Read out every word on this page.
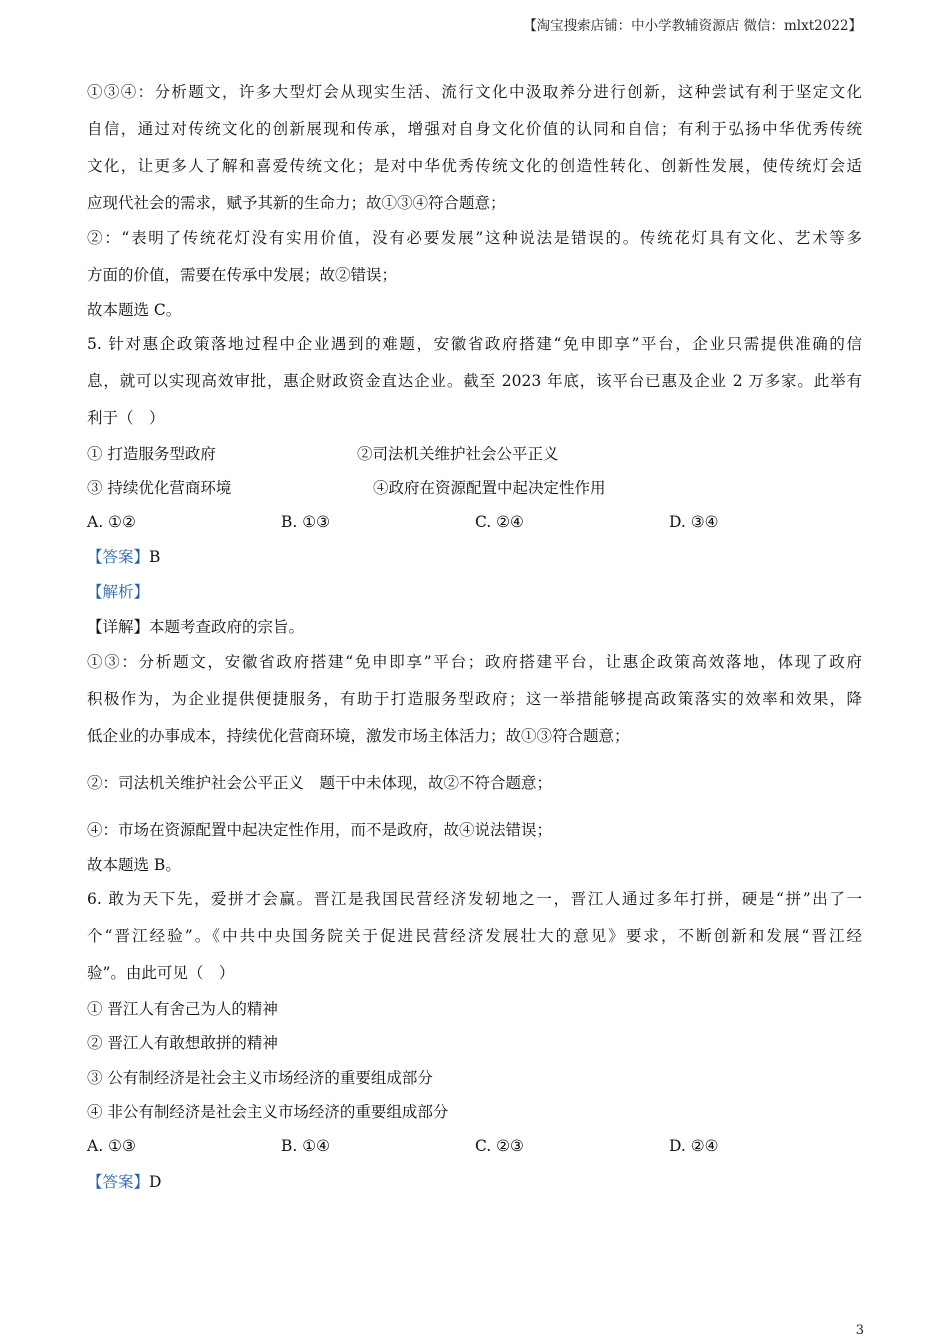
【淘宝搜索店铺：中小学教辅资源店 微信：mlxt2022】
①③④：分析题文，许多大型灯会从现实生活、流行文化中汲取养分进行创新，这种尝试有利于坚定文化
自信，通过对传统文化的创新展现和传承，增强对自身文化价值的认同和自信；有利于弘扬中华优秀传统
文化，让更多人了解和喜爱传统文化；是对中华优秀传统文化的创造性转化、创新性发展，使传统灯会适
应现代社会的需求，赋予其新的生命力；故①③④符合题意；
②：“表明了传统花灯没有实用价值，没有必要发展”这种说法是错误的。传统花灯具有文化、艺术等多
方面的价值，需要在传承中发展；故②错误；
故本题选 C。
5. 针对惠企政策落地过程中企业遇到的难题，安徽省政府搭建“免申即享”平台，企业只需提供准确的信
息，就可以实现高效审批，惠企财政资金直达企业。截至 2023 年底，该平台已惠及企业 2 万多家。此举有
利于（　）
① 打造服务型政府	②司法机关维护社会公平正义
③ 持续优化营商环境	④政府在资源配置中起决定性作用
A. ①②	B. ①③	C. ②④	D. ③④
【答案】B
【解析】
【详解】本题考查政府的宗旨。
①③：分析题文，安徽省政府搭建“免申即享”平台；政府搭建平台，让惠企政策高效落地，体现了政府
积极作为，为企业提供便捷服务，有助于打造服务型政府；这一举措能够提高政策落实的效率和效果，降
低企业的办事成本，持续优化营商环境，激发市场主体活力；故①③符合题意；
②：司法机关维护社会公平正义　题干中未体现，故②不符合题意；
④：市场在资源配置中起决定性作用，而不是政府，故④说法错误；
故本题选 B。
6. 敢为天下先，爱拼才会赢。晋江是我国民营经济发轫地之一，晋江人通过多年打拼，硬是“拼”出了一
个“晋江经验”。《中共中央国务院关于促进民营经济发展壮大的意见》要求，不断创新和发展“晋江经
验”。由此可见（　）
① 晋江人有舍己为人的精神
② 晋江人有敢想敢拼的精神
③ 公有制经济是社会主义市场经济的重要组成部分
④ 非公有制经济是社会主义市场经济的重要组成部分
A. ①③	B. ①④	C. ②③	D. ②④
【答案】D
3
